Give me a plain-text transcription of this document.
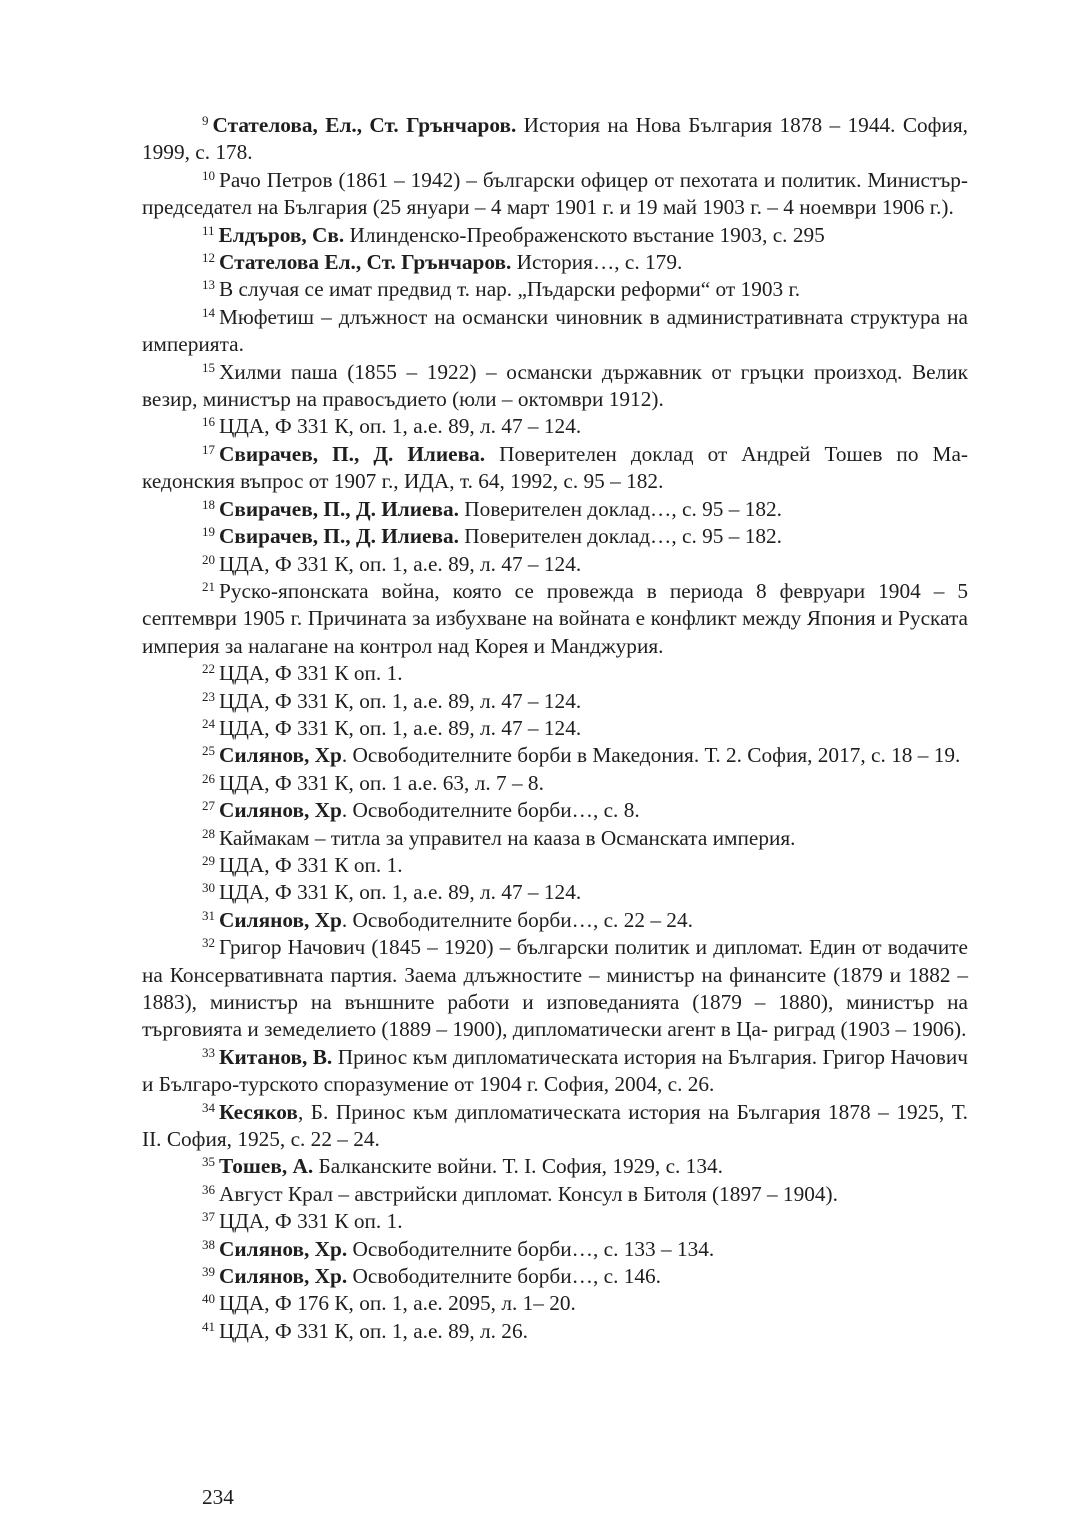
$^9$ Стателова, Ел., Ст. Грънчаров. История на Нова България 1878 – 1944. София, 1999, с. 178.

$^{10}$ Рачо Петров (1861 – 1942) – български офицер от пехотата и политик. Министър-председател на България (25 януари – 4 март 1901 г. и 19 май 1903 г. – 4 ноември 1906 г.).

$^{11}$ Елдъров, Св. Илинденско-Преображенското въстание 1903, с. 295

$^{12}$ Стателова Ел., Ст. Грънчаров. История…, с. 179.

$^{13}$ В случая се имат предвид т. нар. „Пъдарски реформи“ от 1903 г.

$^{14}$ Мюфетиш – длъжност на османски чиновник в административната структура на империята.

$^{15}$ Хилми паша (1855 – 1922) – османски държавник от гръцки произход. Велик везир, министър на правосъдието (юли – октомври 1912).

$^{16}$ ЦДА, Ф 331 К, оп. 1, а.е. 89, л. 47 – 124.

$^{17}$ Свирачев, П., Д. Илиева. Поверителен доклад от Андрей Тошев по Ма- кедонския въпрос от 1907 г., ИДА, т. 64, 1992, с. 95 – 182.

$^{18}$ Свирачев, П., Д. Илиева. Поверителен доклад…, с. 95 – 182.

$^{19}$ Свирачев, П., Д. Илиева. Поверителен доклад…, с. 95 – 182.

$^{20}$ ЦДА, Ф 331 К, оп. 1, а.е. 89, л. 47 – 124.

$^{21}$ Руско-японската война, която се провежда в периода 8 февруари 1904 – 5 септември 1905 г. Причината за избухване на войната е конфликт между Япония и Руската империя за налагане на контрол над Корея и Манджурия.

$^{22}$ ЦДА, Ф 331 К оп. 1.

$^{23}$ ЦДА, Ф 331 К, оп. 1, а.е. 89, л. 47 – 124.

$^{24}$ ЦДА, Ф 331 К, оп. 1, а.е. 89, л. 47 – 124.

$^{25}$ Силянов, Хр. Освободителните борби в Македония. Т. 2. София, 2017, с. 18 – 19.

$^{26}$ ЦДА, Ф 331 К, оп. 1 а.е. 63, л. 7 – 8.

$^{27}$ Силянов, Хр. Освободителните борби…, с. 8.

$^{28}$ Каймакам – титла за управител на кааза в Османската империя.

$^{29}$ ЦДА, Ф 331 К оп. 1.

$^{30}$ ЦДА, Ф 331 К, оп. 1, а.е. 89, л. 47 – 124.

$^{31}$ Силянов, Хр. Освободителните борби…, с. 22 – 24.

$^{32}$ Григор Начович (1845 – 1920) – български политик и дипломат. Един от водачите на Консервативната партия. Заема длъжностите – министър на финансите (1879 и 1882 – 1883), министър на външните работи и изповеданията (1879 – 1880), министър на търговията и земеделието (1889 – 1900), дипломатически агент в Ца- риград (1903 – 1906).

$^{33}$ Китанов, В. Принос към дипломатическата история на България. Григор Начович и Българо-турското споразумение от 1904 г. София, 2004, с. 26.

$^{34}$ Кесяков, Б. Принос към дипломатическата история на България 1878 – 1925, Т. II. София, 1925, с. 22 – 24.

$^{35}$ Тошев, А. Балканските войни. Т. I. София, 1929, с. 134.

$^{36}$ Август Крал – австрийски дипломат. Консул в Битоля (1897 – 1904).

$^{37}$ ЦДА, Ф 331 К оп. 1.

$^{38}$ Силянов, Хр. Освободителните борби…, с. 133 – 134.

$^{39}$ Силянов, Хр. Освободителните борби…, с. 146.

$^{40}$ ЦДА, Ф 176 К, оп. 1, а.е. 2095, л. 1– 20.

$^{41}$ ЦДА, Ф 331 К, оп. 1, а.е. 89, л. 26.

234
